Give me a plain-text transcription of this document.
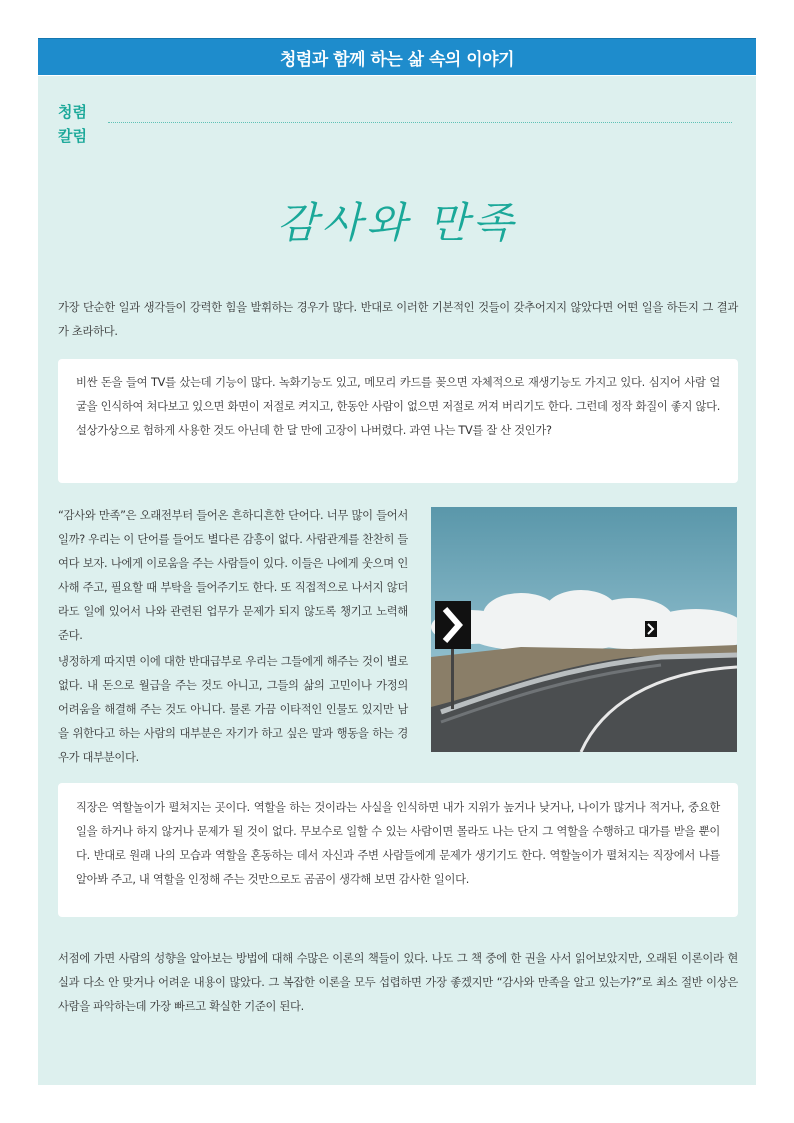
청렴과 함께 하는 삶 속의 이야기
청렴
칼럼
감사와 만족
가장 단순한 일과 생각들이 강력한 힘을 발휘하는 경우가 많다. 반대로 이러한 기본적인 것들이 갖추어지지 않았다면 어떤 일을 하든지 그 결과가 초라하다.
비싼 돈을 들여 TV를 샀는데 기능이 많다. 녹화기능도 있고, 메모리 카드를 꽂으면 자체적으로 재생기능도 가지고 있다. 심지어 사람 얼굴을 인식하여 쳐다보고 있으면 화면이 저절로 켜지고, 한동안 사람이 없으면 저절로 꺼져 버리기도 한다. 그런데 정작 화질이 좋지 않다. 설상가상으로 험하게 사용한 것도 아닌데 한 달 만에 고장이 나버렸다. 과연 나는 TV를 잘 산 것인가?
“감사와 만족”은 오래전부터 들어온 흔하디흔한 단어다. 너무 많이 들어서일까? 우리는 이 단어를 들어도 별다른 감흥이 없다. 사람관계를 찬찬히 들여다 보자. 나에게 이로움을 주는 사람들이 있다. 이들은 나에게 웃으며 인사해 주고, 필요할 때 부탁을 들어주기도 한다. 또 직접적으로 나서지 않더라도 일에 있어서 나와 관련된 업무가 문제가 되지 않도록 챙기고 노력해 준다.
냉정하게 따지면 이에 대한 반대급부로 우리는 그들에게 해주는 것이 별로 없다. 내 돈으로 월급을 주는 것도 아니고, 그들의 삶의 고민이나 가정의 어려움을 해결해 주는 것도 아니다. 물론 가끔 이타적인 인물도 있지만 남을 위한다고 하는 사람의 대부분은 자기가 하고 싶은 말과 행동을 하는 경우가 대부분이다.
직장은 역할놀이가 펼쳐지는 곳이다. 역할을 하는 것이라는 사실을 인식하면 내가 지위가 높거나 낮거나, 나이가 많거나 적거나, 중요한 일을 하거나 하지 않거나 문제가 될 것이 없다. 무보수로 일할 수 있는 사람이면 몰라도 나는 단지 그 역할을 수행하고 대가를 받을 뿐이다. 반대로 원래 나의 모습과 역할을 혼동하는 데서 자신과 주변 사람들에게 문제가 생기기도 한다. 역할놀이가 펼쳐지는 직장에서 나를 알아봐 주고, 내 역할을 인정해 주는 것만으로도 곰곰이 생각해 보면 감사한 일이다.
서점에 가면 사람의 성향을 알아보는 방법에 대해 수많은 이론의 책들이 있다. 나도 그 책 중에 한 권을 사서 읽어보았지만, 오래된 이론이라 현실과 다소 안 맞거나 어려운 내용이 많았다. 그 복잡한 이론을 모두 섭렵하면 가장 좋겠지만 “감사와 만족을 알고 있는가?”로 최소 절반 이상은 사람을 파악하는데 가장 빠르고 확실한 기준이 된다.
